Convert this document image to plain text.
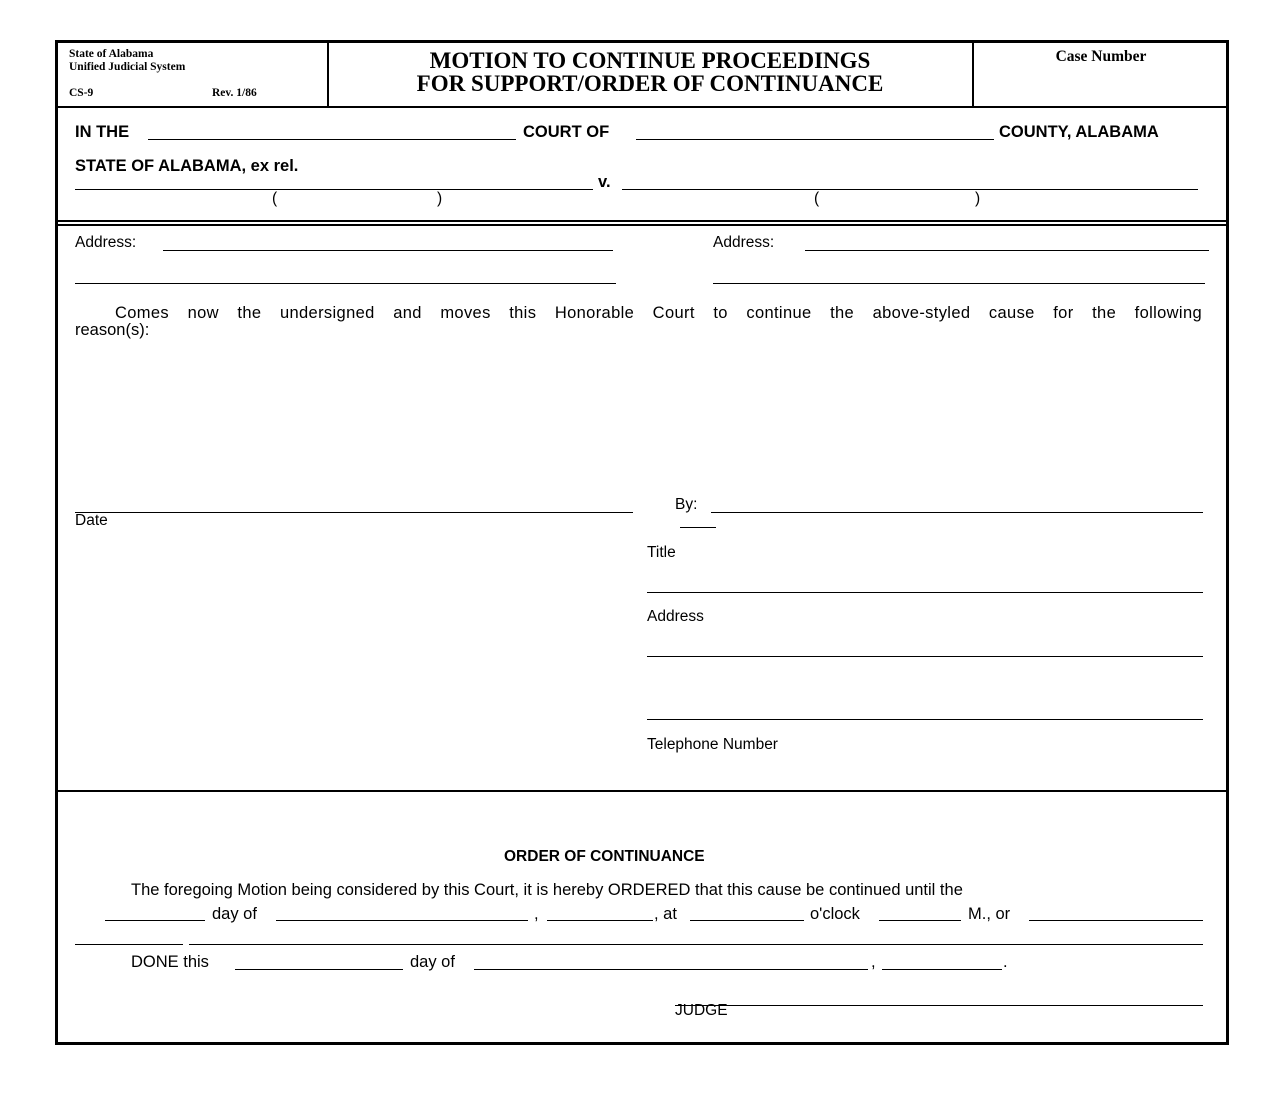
State of Alabama
Unified Judicial System
CS-9	Rev. 1/86
MOTION TO CONTINUE PROCEEDINGS
FOR SUPPORT/ORDER OF CONTINUANCE
Case Number
IN THE	COURT OF	COUNTY, ALABAMA
STATE OF ALABAMA, ex rel.
v.
(	)	(	)
Address:	Address:
Comes now the undersigned and moves this Honorable Court to continue the above-styled cause for the following
reason(s):
Date
By:
Title
Address
Telephone Number
ORDER OF CONTINUANCE
The foregoing Motion being considered by this Court, it is hereby ORDERED that this cause be continued until the
day of	,	, at	o'clock	M., or
DONE this	day of	,	.
JUDGE
